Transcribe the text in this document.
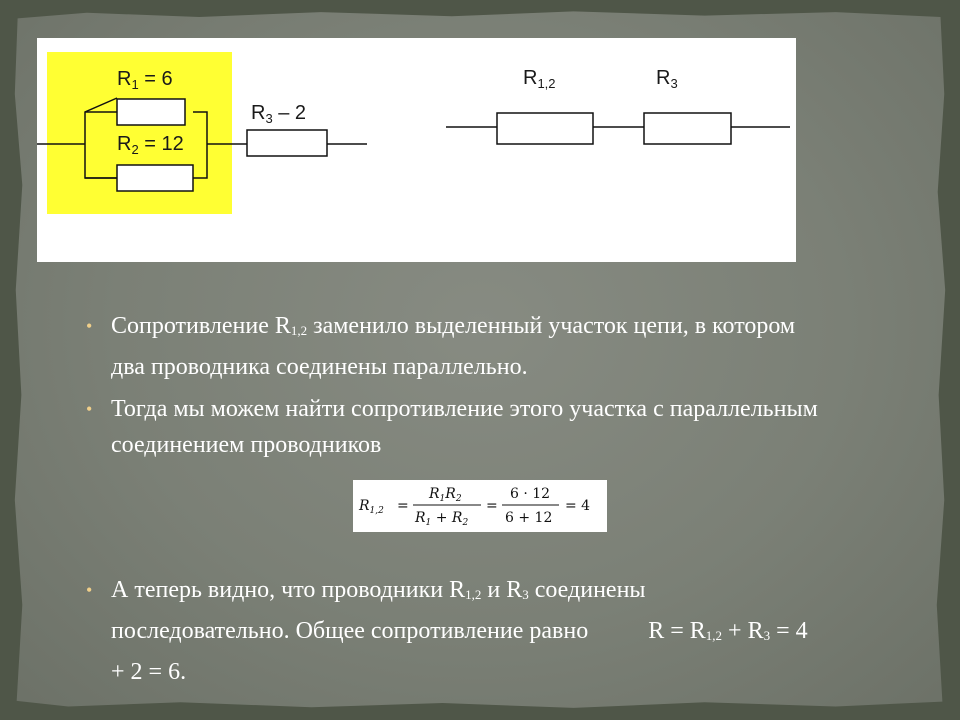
$R_1 = 6$
$R_2 = 12$
$R_3 - 2$
$R_{1,2}$	$R_3$
• Сопротивление $R_{1,2}$ заменило выделенный участок цепи, в котором два проводника соединены параллельно.
• Тогда мы можем найти сопротивление этого участка с параллельным соединением проводников
$R_{1,2}$ =
$R_1R_2$
$R_1 + R_2$
=
6 · 12
6 + 12
= 4
• А теперь видно, что проводники $R_{1,2}$ и $R_3$ соединены последовательно. Общее сопротивление равно	$R = R_{1,2} + R_3 = 4 + 2 = 6$.
